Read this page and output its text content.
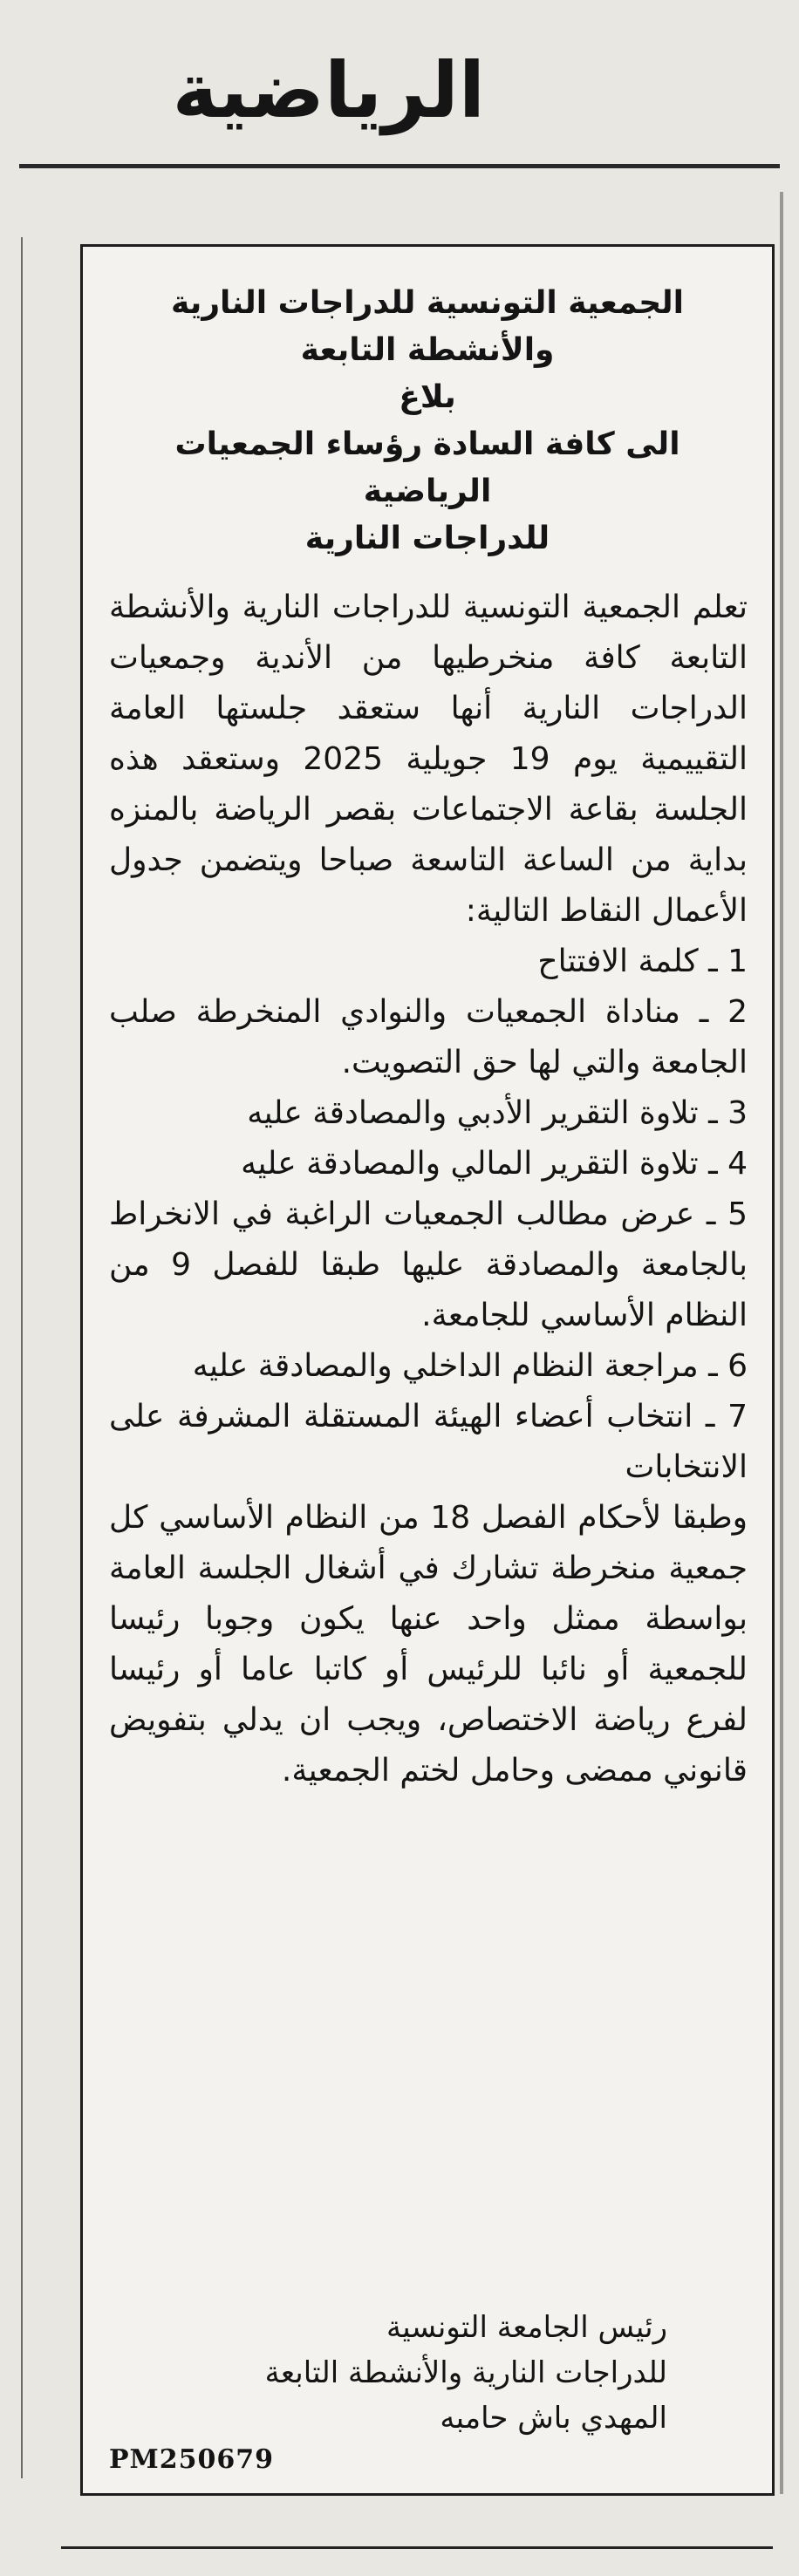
الرياضية
الجمعية التونسية للدراجات النارية
والأنشطة التابعة
بلاغ
الى كافة السادة رؤساء الجمعيات الرياضية
للدراجات النارية

تعلم الجمعية التونسية للدراجات النارية والأنشطة التابعة كافة منخرطيها من الأندية وجمعيات الدراجات النارية أنها ستعقد جلستها العامة التقييمية يوم 19 جويلية 2025 وستعقد هذه الجلسة بقاعة الاجتماعات بقصر الرياضة بالمنزه بداية من الساعة التاسعة صباحا ويتضمن جدول الأعمال النقاط التالية:

1 ـ كلمة الافتتاح

2 ـ مناداة الجمعيات والنوادي المنخرطة صلب الجامعة والتي لها حق التصويت.

3 ـ تلاوة التقرير الأدبي والمصادقة عليه

4 ـ تلاوة التقرير المالي والمصادقة عليه

5 ـ عرض مطالب الجمعيات الراغبة في الانخراط بالجامعة والمصادقة عليها طبقا للفصل 9 من النظام الأساسي للجامعة.

6 ـ مراجعة النظام الداخلي والمصادقة عليه

7 ـ انتخاب أعضاء الهيئة المستقلة المشرفة على الانتخابات

وطبقا لأحكام الفصل 18 من النظام الأساسي كل جمعية منخرطة تشارك في أشغال الجلسة العامة بواسطة ممثل واحد عنها يكون وجوبا رئيسا للجمعية أو نائبا للرئيس أو كاتبا عاما أو رئيسا لفرع رياضة الاختصاص، ويجب ان يدلي بتفويض قانوني ممضى وحامل لختم الجمعية.

رئيس الجامعة التونسية
للدراجات النارية والأنشطة التابعة
المهدي باش حامبه
PM250679
